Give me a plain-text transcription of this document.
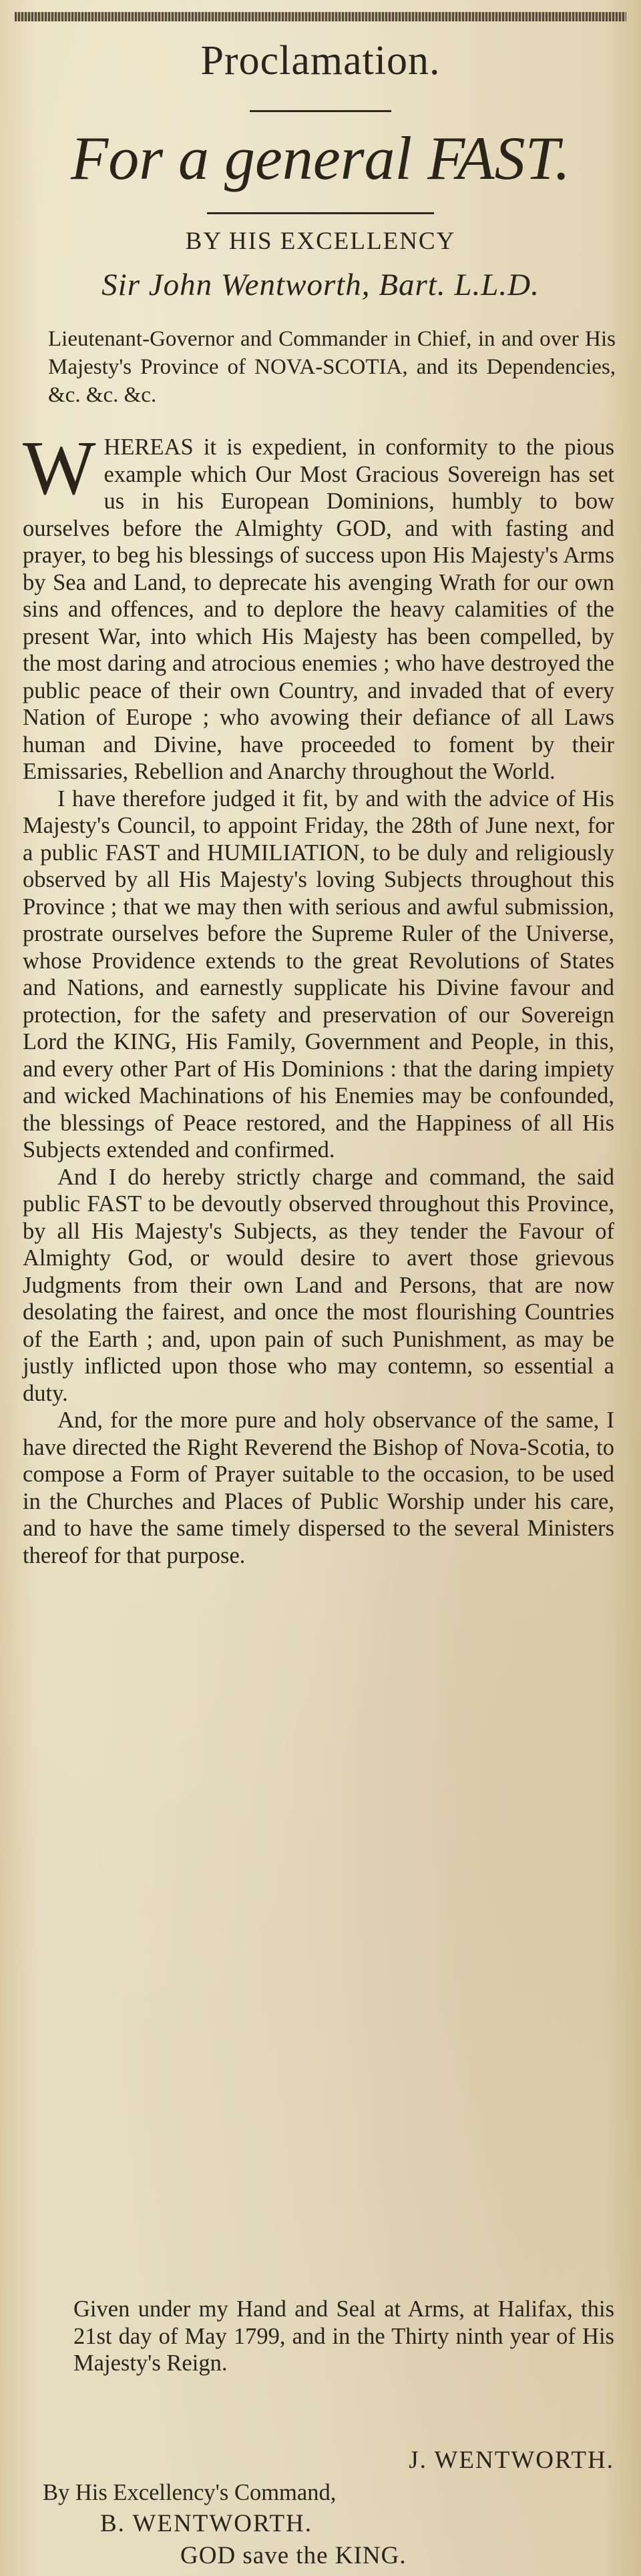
Proclamation.
For a general FAST.
BY HIS EXCELLENCY
Sir John Wentworth, Bart. L.L.D.
Lieutenant-Governor and Commander in Chief, in and over His Majesty's Province of NOVA-SCOTIA, and its Dependencies, &c. &c. &c.

WHEREAS it is expedient, in conformity to the pious example which Our Most Gracious Sovereign has set us in his European Dominions, humbly to bow ourselves before the Almighty GOD, and with fasting and prayer, to beg his blessings of success upon His Majesty's Arms by Sea and Land, to deprecate his avenging Wrath for our own sins and offences, and to deplore the heavy calamities of the present War, into which His Majesty has been compelled, by the most daring and atrocious enemies ; who have destroyed the public peace of their own Country, and invaded that of every Nation of Europe ; who avowing their defiance of all Laws human and Divine, have proceeded to foment by their Emissaries, Rebellion and Anarchy throughout the World.

I have therefore judged it fit, by and with the advice of His Majesty's Council, to appoint Friday, the 28th of June next, for a public FAST and HUMILIATION, to be duly and religiously observed by all His Majesty's loving Subjects throughout this Province ; that we may then with serious and awful submission, prostrate ourselves before the Supreme Ruler of the Universe, whose Providence extends to the great Revolutions of States and Nations, and earnestly supplicate his Divine favour and protection, for the safety and preservation of our Sovereign Lord the KING, His Family, Government and People, in this, and every other Part of His Dominions : that the daring impiety and wicked Machinations of his Enemies may be confounded, the blessings of Peace restored, and the Happiness of all His Subjects extended and confirmed.

And I do hereby strictly charge and command, the said public FAST to be devoutly observed throughout this Province, by all His Majesty's Subjects, as they tender the Favour of Almighty God, or would desire to avert those grievous Judgments from their own Land and Persons, that are now desolating the fairest, and once the most flourishing Countries of the Earth ; and, upon pain of such Punishment, as may be justly inflicted upon those who may contemn, so essential a duty.

And, for the more pure and holy observance of the same, I have directed the Right Reverend the Bishop of Nova-Scotia, to compose a Form of Prayer suitable to the occasion, to be used in the Churches and Places of Public Worship under his care, and to have the same timely dispersed to the several Ministers thereof for that purpose.

Given under my Hand and Seal at Arms, at Halifax, this 21st day of May 1799, and in the Thirty ninth year of His Majesty's Reign.
J. WENTWORTH.
By His Excellency's Command,
B. WENTWORTH.
GOD save the KING.
